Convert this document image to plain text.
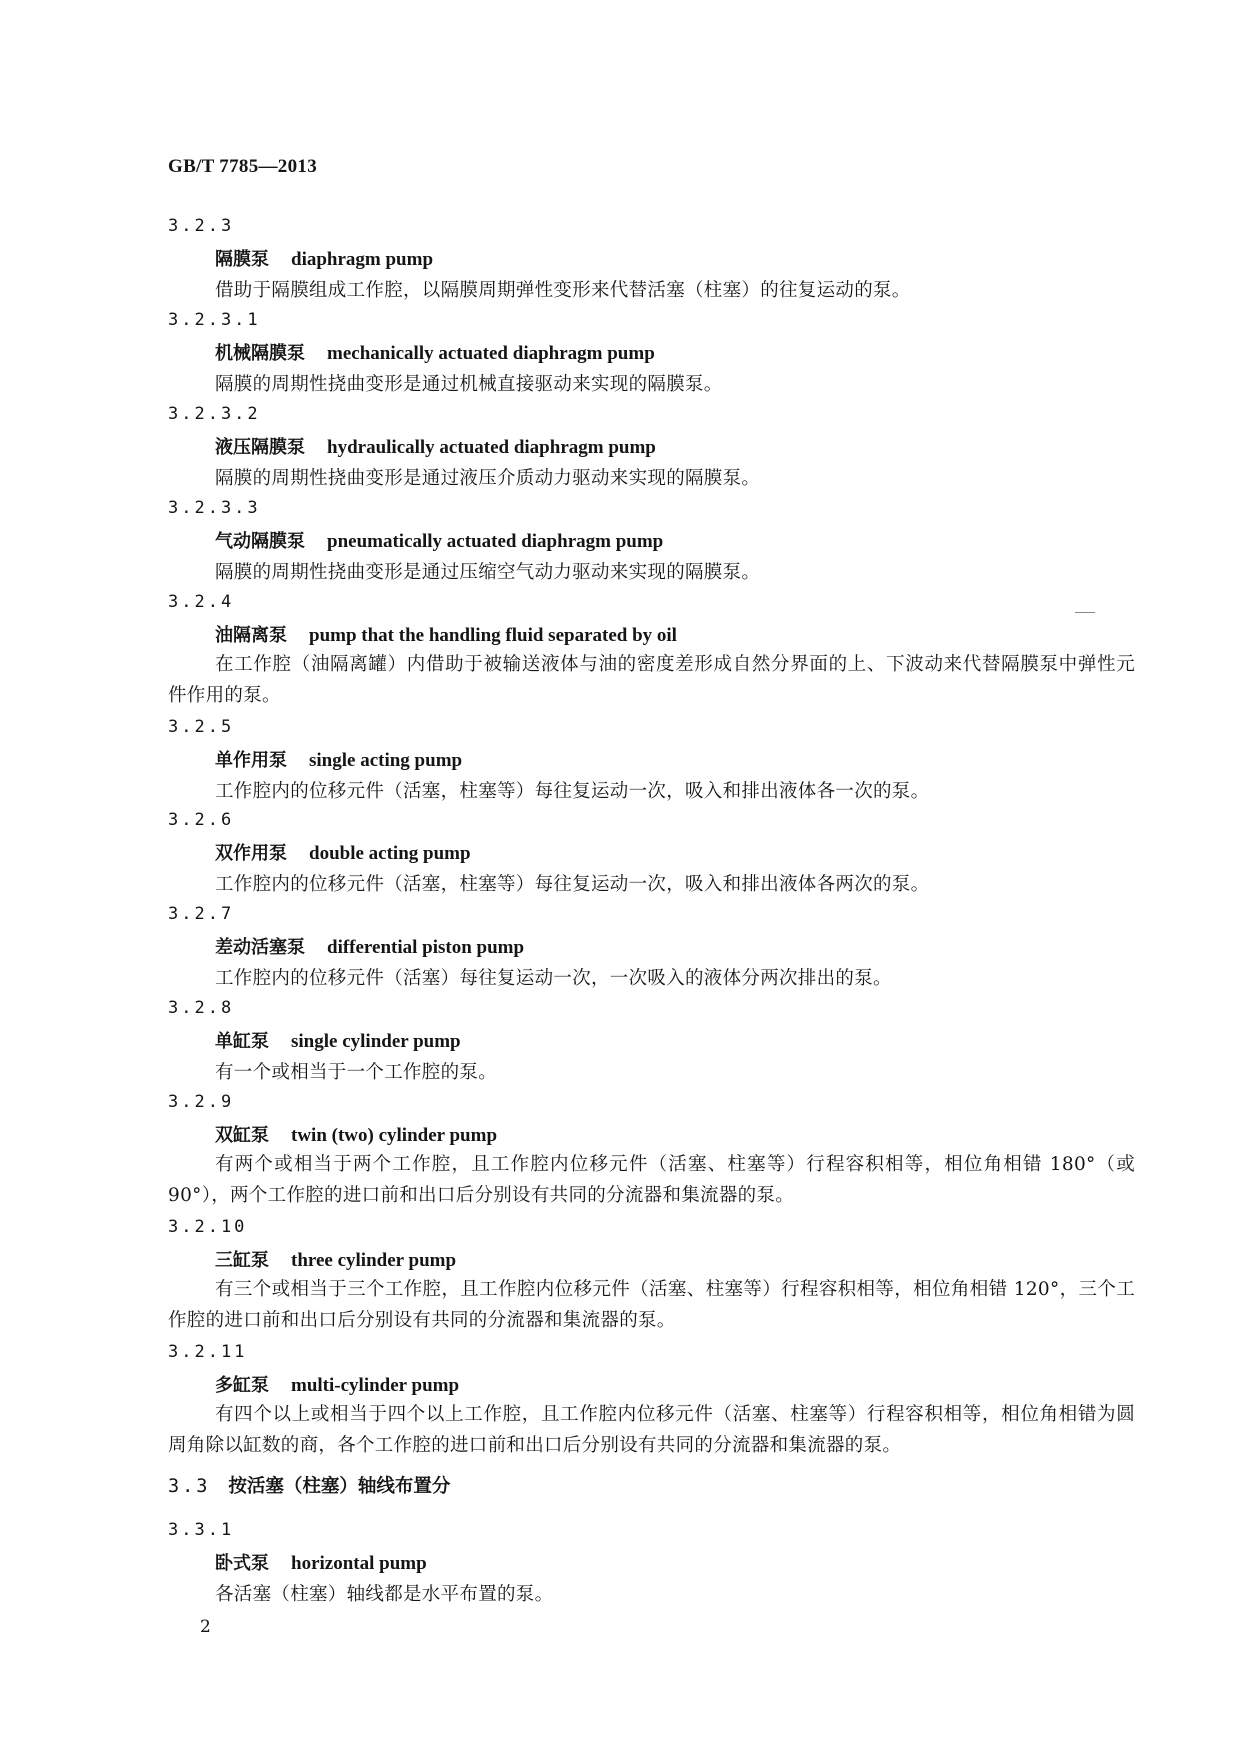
GB/T 7785—2013
3.2.3
隔膜泵 diaphragm pump
借助于隔膜组成工作腔，以隔膜周期弹性变形来代替活塞（柱塞）的往复运动的泵。
3.2.3.1
机械隔膜泵 mechanically actuated diaphragm pump
隔膜的周期性挠曲变形是通过机械直接驱动来实现的隔膜泵。
3.2.3.2
液压隔膜泵 hydraulically actuated diaphragm pump
隔膜的周期性挠曲变形是通过液压介质动力驱动来实现的隔膜泵。
3.2.3.3
气动隔膜泵 pneumatically actuated diaphragm pump
隔膜的周期性挠曲变形是通过压缩空气动力驱动来实现的隔膜泵。
3.2.4
油隔离泵 pump that the handling fluid separated by oil
在工作腔（油隔离罐）内借助于被输送液体与油的密度差形成自然分界面的上、下波动来代替隔膜泵中弹性元件作用的泵。
3.2.5
单作用泵 single acting pump
工作腔内的位移元件（活塞，柱塞等）每往复运动一次，吸入和排出液体各一次的泵。
3.2.6
双作用泵 double acting pump
工作腔内的位移元件（活塞，柱塞等）每往复运动一次，吸入和排出液体各两次的泵。
3.2.7
差动活塞泵 differential piston pump
工作腔内的位移元件（活塞）每往复运动一次，一次吸入的液体分两次排出的泵。
3.2.8
单缸泵 single cylinder pump
有一个或相当于一个工作腔的泵。
3.2.9
双缸泵 twin (two) cylinder pump
有两个或相当于两个工作腔，且工作腔内位移元件（活塞、柱塞等）行程容积相等，相位角相错 180°（或 90°），两个工作腔的进口前和出口后分别设有共同的分流器和集流器的泵。
3.2.10
三缸泵 three cylinder pump
有三个或相当于三个工作腔，且工作腔内位移元件（活塞、柱塞等）行程容积相等，相位角相错 120°，三个工作腔的进口前和出口后分别设有共同的分流器和集流器的泵。
3.2.11
多缸泵 multi-cylinder pump
有四个以上或相当于四个以上工作腔，且工作腔内位移元件（活塞、柱塞等）行程容积相等，相位角相错为圆周角除以缸数的商，各个工作腔的进口前和出口后分别设有共同的分流器和集流器的泵。
3.3 按活塞（柱塞）轴线布置分
3.3.1
卧式泵 horizontal pump
各活塞（柱塞）轴线都是水平布置的泵。
2
